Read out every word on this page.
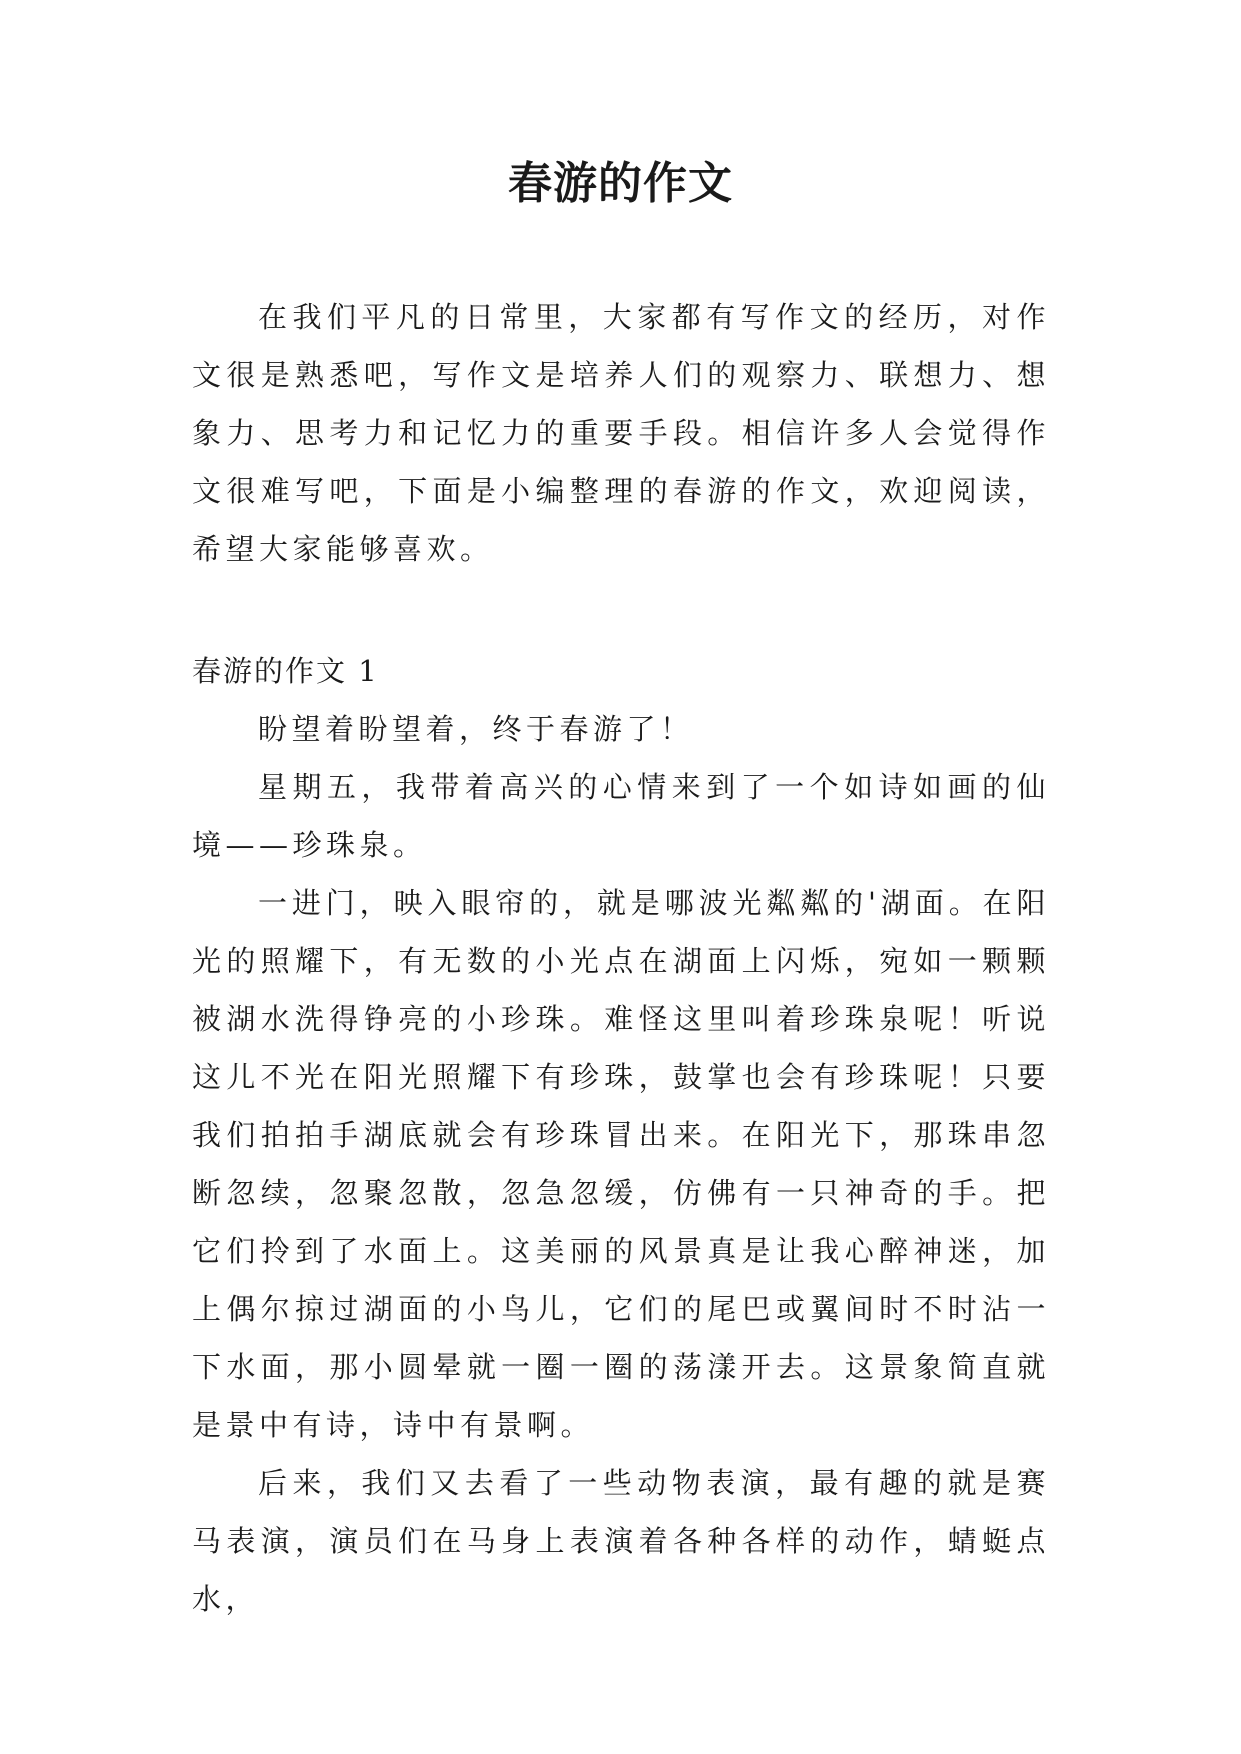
春游的作文

在我们平凡的日常里，大家都有写作文的经历，对作文很是熟悉吧，写作文是培养人们的观察力、联想力、想象力、思考力和记忆力的重要手段。相信许多人会觉得作文很难写吧，下面是小编整理的春游的作文，欢迎阅读，希望大家能够喜欢。

春游的作文 1

盼望着盼望着，终于春游了！

星期五，我带着高兴的心情来到了一个如诗如画的仙境——珍珠泉。

一进门，映入眼帘的，就是哪波光粼粼的'湖面。在阳光的照耀下，有无数的小光点在湖面上闪烁，宛如一颗颗被湖水洗得铮亮的小珍珠。难怪这里叫着珍珠泉呢！听说这儿不光在阳光照耀下有珍珠，鼓掌也会有珍珠呢！只要我们拍拍手湖底就会有珍珠冒出来。在阳光下，那珠串忽断忽续，忽聚忽散，忽急忽缓，仿佛有一只神奇的手。把它们拎到了水面上。这美丽的风景真是让我心醉神迷，加上偶尔掠过湖面的小鸟儿，它们的尾巴或翼间时不时沾一下水面，那小圆晕就一圈一圈的荡漾开去。这景象简直就是景中有诗，诗中有景啊。

后来，我们又去看了一些动物表演，最有趣的就是赛马表演，演员们在马身上表演着各种各样的动作，蜻蜓点水，
